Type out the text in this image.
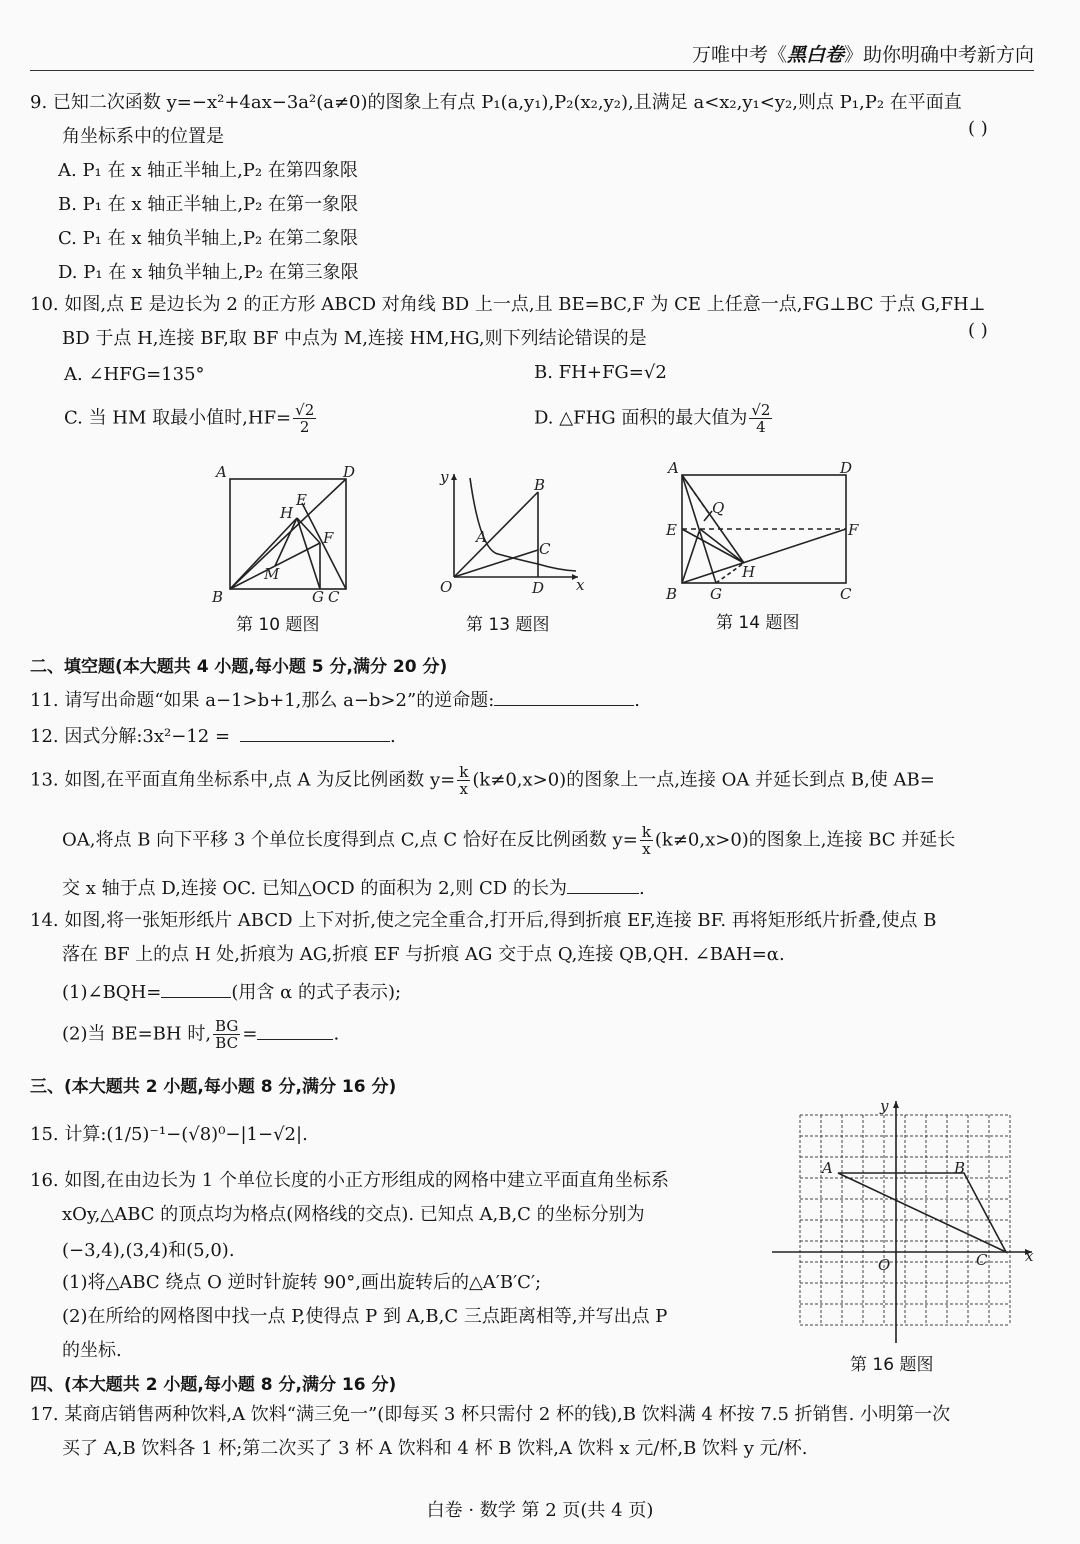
万唯中考《黑白卷》助你明确中考新方向
9. 已知二次函数 y=−x²+4ax−3a²(a≠0)的图象上有点 P₁(a,y₁),P₂(x₂,y₂),且满足 a<x₂,y₁<y₂,则点 P₁,P₂ 在平面直
角坐标系中的位置是	( )
A. P₁ 在 x 轴正半轴上,P₂ 在第四象限
B. P₁ 在 x 轴正半轴上,P₂ 在第一象限
C. P₁ 在 x 轴负半轴上,P₂ 在第二象限
D. P₁ 在 x 轴负半轴上,P₂ 在第三象限
10. 如图,点 E 是边长为 2 的正方形 ABCD 对角线 BD 上一点,且 BE=BC,F 为 CE 上任意一点,FG⊥BC 于点 G,FH⊥
BD 于点 H,连接 BF,取 BF 中点为 M,连接 HM,HG,则下列结论错误的是	( )
A. ∠HFG=135°	B. FH+FG=√2
C. 当 HM 取最小值时$,HF= \frac{√2}{2}$	D. △FHG 面积的最大值为 $\frac{√2}{4}$
A	D
B	C
G
E
H
F
M
第 10 题图
y
x
O
A
B
C
D
第 13 题图
A	D
B	C
E	F
G
H
Q
第 14 题图
二、填空题(本大题共 4 小题,每小题 5 分,满分 20 分)
11. 请写出命题“如果 a−1>b+1,那么 a−b>2”的逆命题:	.
12. 因式分解:3x²−12 =	.
13. 如图,在平面直角坐标系中,点 A 为反比例函数 $y= \frac{k}{x} (k\ne 0,x>0)$的图象上一点,连接 OA 并延长到点 B,使 AB=
OA,将点 B 向下平移 3 个单位长度得到点 C,点 C 恰好在反比例函数 $y= \frac{k}{x} (k\ne 0,x>0)$的图象上,连接 BC 并延长
交 x 轴于点 D,连接 OC. 已知△OCD 的面积为 2,则 CD 的长为	.
14. 如图,将一张矩形纸片 ABCD 上下对折,使之完全重合,打开后,得到折痕 EF,连接 BF. 再将矩形纸片折叠,使点 B
落在 BF 上的点 H 处,折痕为 AG,折痕 EF 与折痕 AG 交于点 Q,连接 QB,QH. ∠BAH=α.
(1)∠BQH=	(用含 α 的式子表示);
(2)当 BE=BH 时, $\frac{BG}{BC}$ =	.
三、(本大题共 2 小题,每小题 8 分,满分 16 分)
15. 计算:(1/5)⁻¹−(√8)⁰−|1−√2|.
16. 如图,在由边长为 1 个单位长度的小正方形组成的网格中建立平面直角坐标系
xOy,△ABC 的顶点均为格点(网格线的交点). 已知点 A,B,C 的坐标分别为
(−3,4),(3,4)和(5,0).
(1)将△ABC 绕点 O 逆时针旋转 90°,画出旋转后的△A′B′C′;
(2)在所给的网格图中找一点 P,使得点 P 到 A,B,C 三点距离相等,并写出点 P
的坐标.
y
x
O
A	B
C
第 16 题图
四、(本大题共 2 小题,每小题 8 分,满分 16 分)
17. 某商店销售两种饮料,A 饮料“满三免一”(即每买 3 杯只需付 2 杯的钱),B 饮料满 4 杯按 7.5 折销售. 小明第一次
买了 A,B 饮料各 1 杯;第二次买了 3 杯 A 饮料和 4 杯 B 饮料,A 饮料 x 元/杯,B 饮料 y 元/杯.
白卷 · 数学 第 2 页(共 4 页)
